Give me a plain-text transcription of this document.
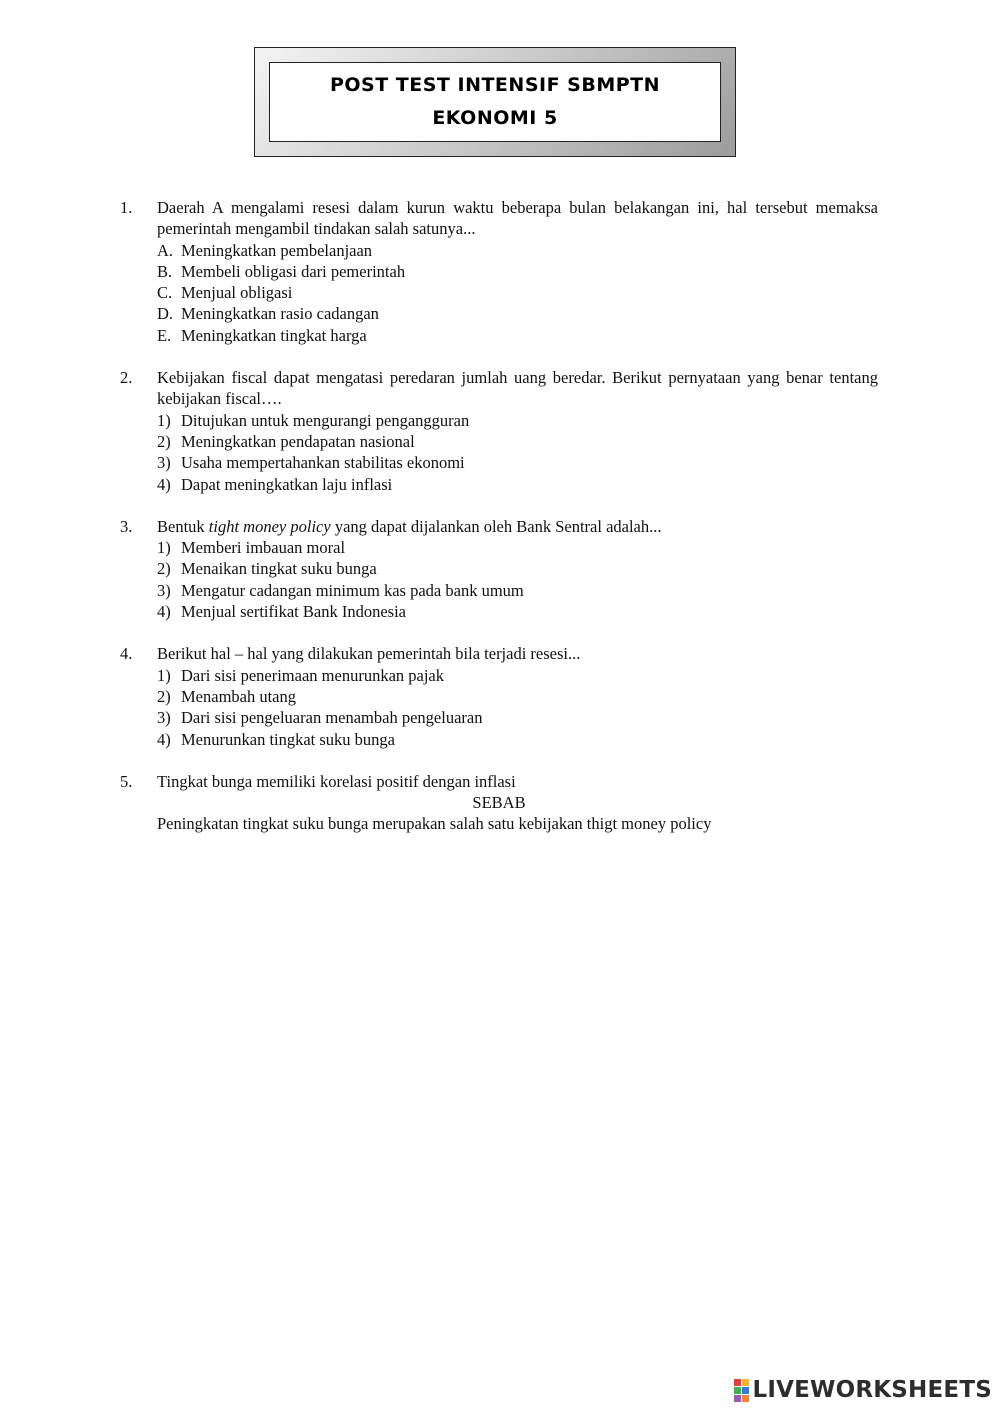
POST TEST INTENSIF SBMPTN
EKONOMI 5
1. Daerah A mengalami resesi dalam kurun waktu beberapa bulan belakangan ini, hal tersebut memaksa pemerintah mengambil tindakan salah satunya...
A. Meningkatkan pembelanjaan
B. Membeli obligasi dari pemerintah
C. Menjual obligasi
D. Meningkatkan rasio cadangan
E. Meningkatkan tingkat harga
2. Kebijakan fiscal dapat mengatasi peredaran jumlah uang beredar. Berikut pernyataan yang benar tentang kebijakan fiscal….
1) Ditujukan untuk mengurangi pengangguran
2) Meningkatkan pendapatan nasional
3) Usaha mempertahankan stabilitas ekonomi
4) Dapat meningkatkan laju inflasi
3. Bentuk tight money policy yang dapat dijalankan oleh Bank Sentral adalah...
1) Memberi imbauan moral
2) Menaikan tingkat suku bunga
3) Mengatur cadangan minimum kas pada bank umum
4) Menjual sertifikat Bank Indonesia
4. Berikut hal – hal yang dilakukan pemerintah bila terjadi resesi...
1) Dari sisi penerimaan menurunkan pajak
2) Menambah utang
3) Dari sisi pengeluaran menambah pengeluaran
4) Menurunkan tingkat suku bunga
5. Tingkat bunga memiliki korelasi positif dengan inflasi
SEBAB
Peningkatan tingkat suku bunga merupakan salah satu kebijakan thigt money policy
LIVEWORKSHEETS
